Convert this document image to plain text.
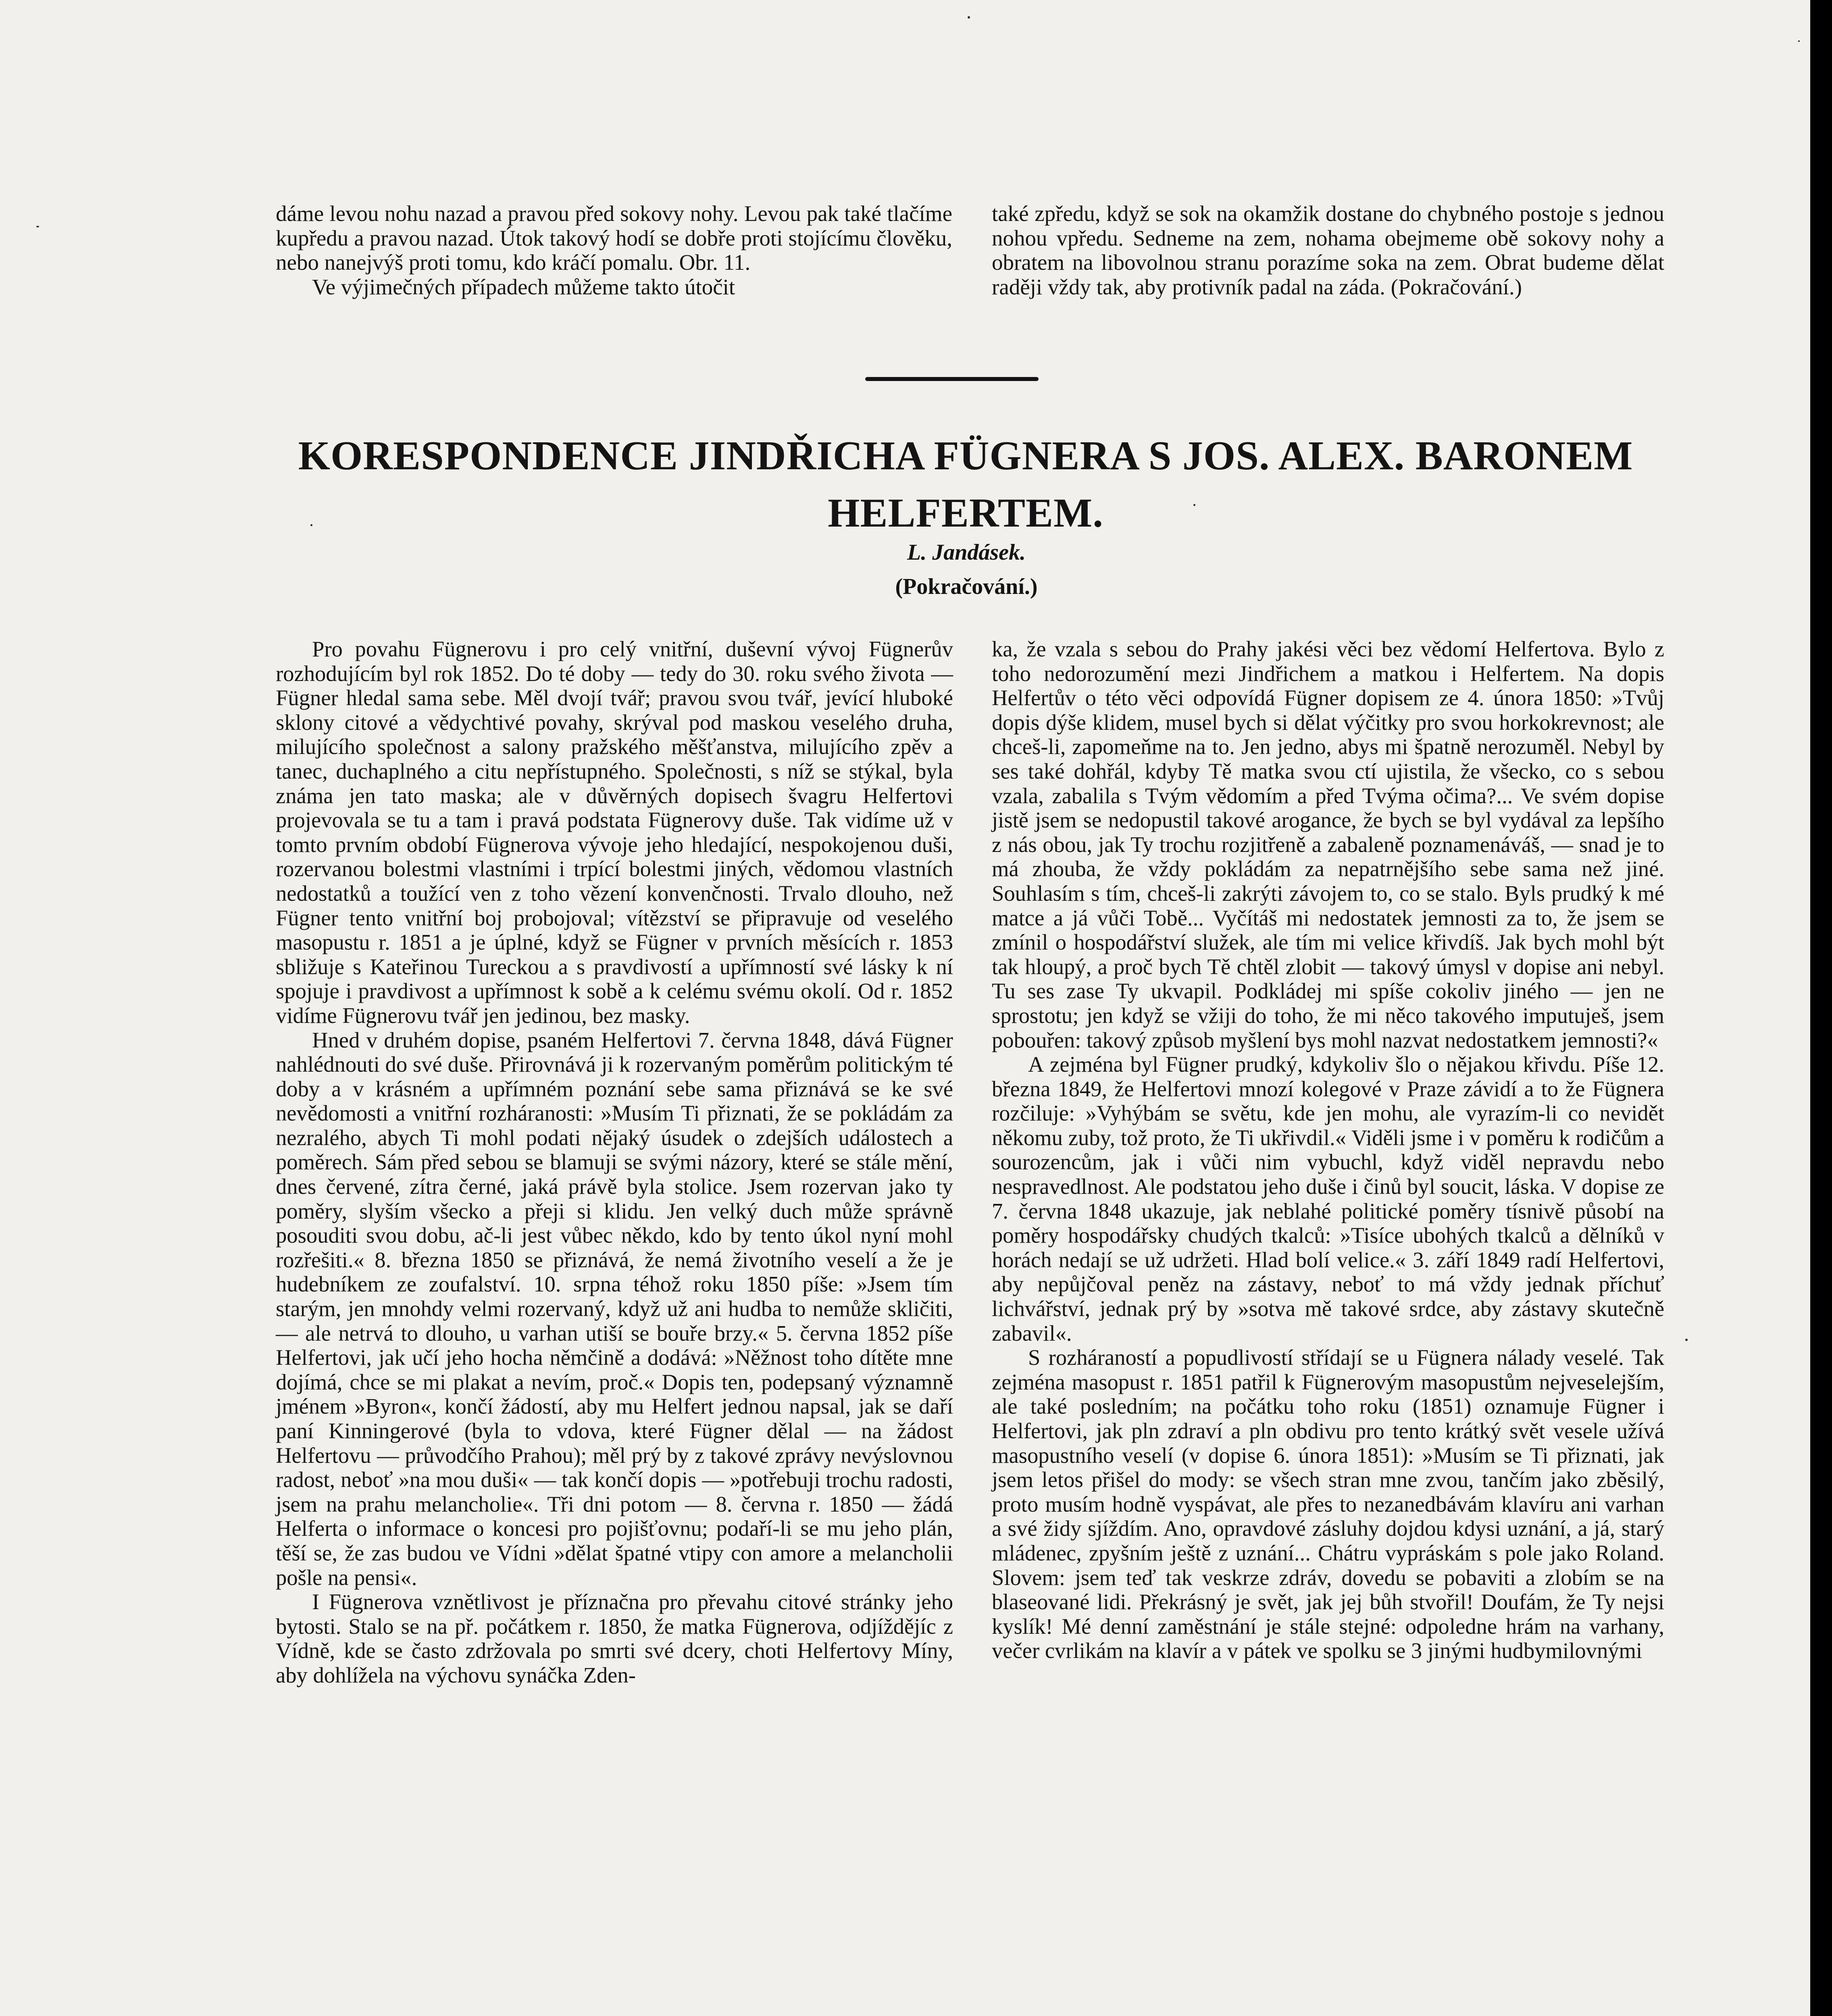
dáme levou nohu nazad a pravou před sokovy nohy. Levou pak také tlačíme kupředu a pravou nazad. Útok takový hodí se dobře proti stojícímu člověku, nebo nanejvýš proti tomu, kdo kráčí pomalu. Obr. 11.

Ve výjimečných případech můžeme takto útočit

také zpředu, když se sok na okamžik dostane do chybného postoje s jednou nohou vpředu. Sedneme na zem, nohama obejmeme obě sokovy nohy a obratem na libovolnou stranu porazíme soka na zem. Obrat budeme dělat raději vždy tak, aby protivník padal na záda. (Pokračování.)

KORESPONDENCE JINDŘICHA FÜGNERA S JOS. ALEX. BARONEM HELFERTEM.
L. Jandásek.
(Pokračování.)

Pro povahu Fügnerovu i pro celý vnitřní, duševní vývoj Fügnerův rozhodujícím byl rok 1852. Do té doby — tedy do 30. roku svého života — Fügner hledal sama sebe. Měl dvojí tvář; pravou svou tvář, jevící hluboké sklony citové a vědychtivé povahy, skrýval pod maskou veselého druha, milujícího společnost a salony pražského měšťanstva, milujícího zpěv a tanec, duchaplného a citu nepřístupného. Společnosti, s níž se stýkal, byla známa jen tato maska; ale v důvěrných dopisech švagru Helfertovi projevovala se tu a tam i pravá podstata Fügnerovy duše. Tak vidíme už v tomto prvním období Fügnerova vývoje jeho hledající, nespokojenou duši, rozervanou bolestmi vlastními i trpící bolestmi jiných, vědomou vlastních nedostatků a toužící ven z toho vězení konvenčnosti. Trvalo dlouho, než Fügner tento vnitřní boj probojoval; vítězství se připravuje od veselého masopustu r. 1851 a je úplné, když se Fügner v prvních měsících r. 1853 sbližuje s Kateřinou Tureckou a s pravdivostí a upřímností své lásky k ní spojuje i pravdivost a upřímnost k sobě a k celému svému okolí. Od r. 1852 vidíme Fügnerovu tvář jen jedinou, bez masky.

Hned v druhém dopise, psaném Helfertovi 7. června 1848, dává Fügner nahlédnouti do své duše. Přirovnává ji k rozervaným poměrům politickým té doby a v krásném a upřímném poznání sebe sama přiznává se ke své nevědomosti a vnitřní rozháranosti: »Musím Ti přiznati, že se pokládám za nezralého, abych Ti mohl podati nějaký úsudek o zdejších událostech a poměrech. Sám před sebou se blamuji se svými názory, které se stále mění, dnes červené, zítra černé, jaká právě byla stolice. Jsem rozervan jako ty poměry, slyším všecko a přeji si klidu. Jen velký duch může správně posouditi svou dobu, ač-li jest vůbec někdo, kdo by tento úkol nyní mohl rozřešiti.« 8. března 1850 se přiznává, že nemá životního veselí a že je hudebníkem ze zoufalství. 10. srpna téhož roku 1850 píše: »Jsem tím starým, jen mnohdy velmi rozervaný, když už ani hudba to nemůže skličiti, — ale netrvá to dlouho, u varhan utiší se bouře brzy.« 5. června 1852 píše Helfertovi, jak učí jeho hocha němčině a dodává: »Něžnost toho dítěte mne dojímá, chce se mi plakat a nevím, proč.« Dopis ten, podepsaný významně jménem »Byron«, končí žádostí, aby mu Helfert jednou napsal, jak se daří paní Kinningerové (byla to vdova, které Fügner dělal — na žádost Helfertovu — průvodčího Prahou); měl prý by z takové zprávy nevýslovnou radost, neboť »na mou duši« — tak končí dopis — »potřebuji trochu radosti, jsem na prahu melancholie«. Tři dni potom — 8. června r. 1850 — žádá Helferta o informace o koncesi pro pojišťovnu; podaří-li se mu jeho plán, těší se, že zas budou ve Vídni »dělat špatné vtipy con amore a melancholii pošle na pensi«.

I Fügnerova vznětlivost je příznačna pro převahu citové stránky jeho bytosti. Stalo se na př. počátkem r. 1850, že matka Fügnerova, odjíždějíc z Vídně, kde se často zdržovala po smrti své dcery, choti Helfertovy Míny, aby dohlížela na výchovu synáčka Zden-

ka, že vzala s sebou do Prahy jakési věci bez vědomí Helfertova. Bylo z toho nedorozumění mezi Jindřichem a matkou i Helfertem. Na dopis Helfertův o této věci odpovídá Fügner dopisem ze 4. února 1850: »Tvůj dopis dýše klidem, musel bych si dělat výčitky pro svou horkokrevnost; ale chceš-li, zapomeňme na to. Jen jedno, abys mi špatně nerozuměl. Nebyl by ses také dohřál, kdyby Tě matka svou ctí ujistila, že všecko, co s sebou vzala, zabalila s Tvým vědomím a před Tvýma očima?... Ve svém dopise jistě jsem se nedopustil takové arogance, že bych se byl vydával za lepšího z nás obou, jak Ty trochu rozjitřeně a zabaleně poznamenáváš, — snad je to má zhouba, že vždy pokládám za nepatrnějšího sebe sama než jiné. Souhlasím s tím, chceš-li zakrýti závojem to, co se stalo. Byls prudký k mé matce a já vůči Tobě... Vyčítáš mi nedostatek jemnosti za to, že jsem se zmínil o hospodářství služek, ale tím mi velice křivdíš. Jak bych mohl být tak hloupý, a proč bych Tě chtěl zlobit — takový úmysl v dopise ani nebyl. Tu ses zase Ty ukvapil. Podkládej mi spíše cokoliv jiného — jen ne sprostotu; jen když se vžiji do toho, že mi něco takového imputuješ, jsem pobouřen: takový způsob myšlení bys mohl nazvat nedostatkem jemnosti?«

A zejména byl Fügner prudký, kdykoliv šlo o nějakou křivdu. Píše 12. března 1849, že Helfertovi mnozí kolegové v Praze závidí a to že Fügnera rozčiluje: »Vyhýbám se světu, kde jen mohu, ale vyrazím-li co nevidět někomu zuby, tož proto, že Ti ukřivdil.« Viděli jsme i v poměru k rodičům a sourozencům, jak i vůči nim vybuchl, když viděl nepravdu nebo nespravedlnost. Ale podstatou jeho duše i činů byl soucit, láska. V dopise ze 7. června 1848 ukazuje, jak neblahé politické poměry tísnivě působí na poměry hospodářsky chudých tkalců: »Tisíce ubohých tkalců a dělníků v horách nedají se už udržeti. Hlad bolí velice.« 3. září 1849 radí Helfertovi, aby nepůjčoval peněz na zástavy, neboť to má vždy jednak příchuť lichvářství, jednak prý by »sotva mě takové srdce, aby zástavy skutečně zabavil«.

S rozháraností a popudlivostí střídají se u Fügnera nálady veselé. Tak zejména masopust r. 1851 patřil k Fügnerovým masopustům nejveselejším, ale také posledním; na počátku toho roku (1851) oznamuje Fügner i Helfertovi, jak pln zdraví a pln obdivu pro tento krátký svět vesele užívá masopustního veselí (v dopise 6. února 1851): »Musím se Ti přiznati, jak jsem letos přišel do mody: se všech stran mne zvou, tančím jako zběsilý, proto musím hodně vyspávat, ale přes to nezanedbávám klavíru ani varhan a své židy sjíždím. Ano, opravdové zásluhy dojdou kdysi uznání, a já, starý mládenec, zpyšním ještě z uznání... Chátru vypráskám s pole jako Roland. Slovem: jsem teď tak veskrze zdráv, dovedu se pobaviti a zlobím se na blaseované lidi. Překrásný je svět, jak jej bůh stvořil! Doufám, že Ty nejsi kyslík! Mé denní zaměstnání je stále stejné: odpoledne hrám na varhany, večer cvrlikám na klavír a v pátek ve spolku se 3 jinými hudbymilovnými
